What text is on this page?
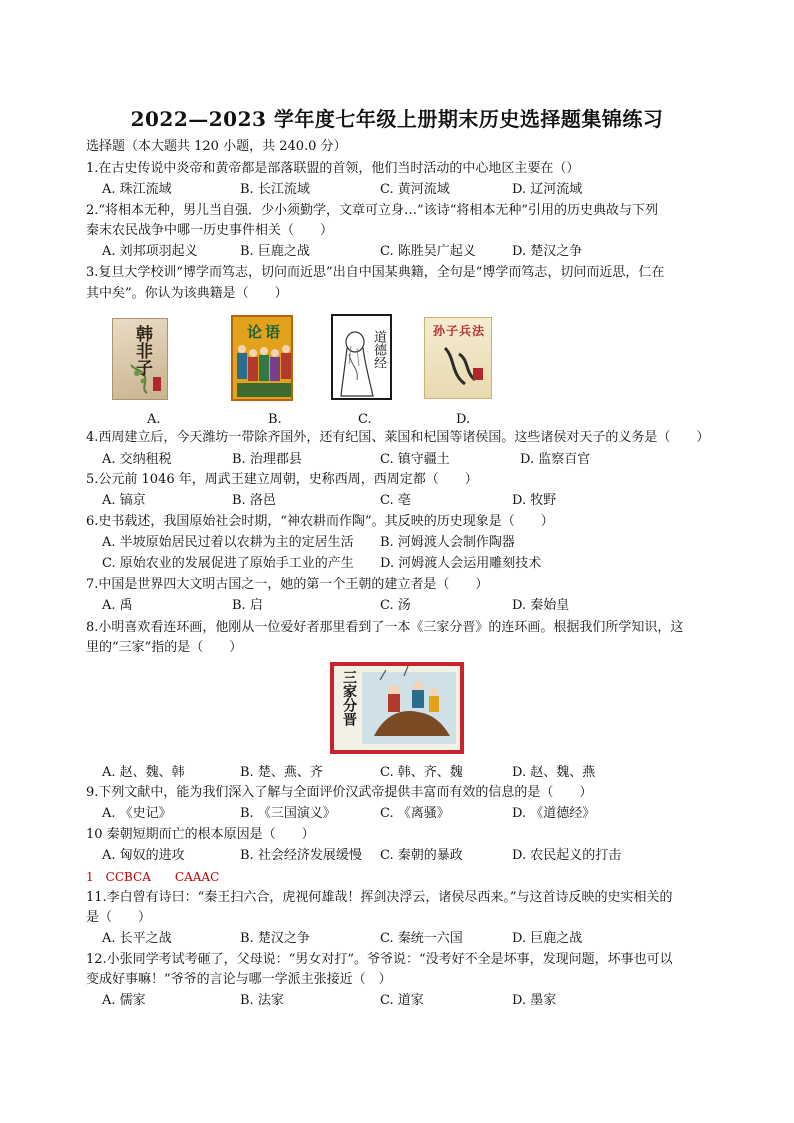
2022—2023 学年度七年级上册期末历史选择题集锦练习
选择题（本大题共 120 小题，共 240.0 分）
1.在古史传说中炎帝和黄帝都是部落联盟的首领，他们当时活动的中心地区主要在（）
A. 珠江流域	B. 长江流域	C. 黄河流域	D. 辽河流域
2.“将相本无种，男儿当自强．少小须勤学，文章可立身…”该诗“将相本无种”引用的历史典故与下列
秦末农民战争中哪一历史事件相关（　　）
A. 刘邦项羽起义	B. 巨鹿之战	C. 陈胜吴广起义	D. 楚汉之争
3.复旦大学校训“博学而笃志，切问而近思”出自中国某典籍，全句是“博学而笃志，切问而近思，仁在
其中矣”。你认为该典籍是（　　）
韩非子	论语	道德经	孙子兵法
A.	B.	C.	D.
4.西周建立后，今天潍坊一带除齐国外，还有纪国、莱国和杞国等诸侯国。这些诸侯对天子的义务是（　　）
A. 交纳租税	B. 治理郡县	C. 镇守疆土	D. 监察百官
5.公元前 1046 年，周武王建立周朝，史称西周，西周定都（　　）
A. 镐京	B. 洛邑	C. 亳	D. 牧野
6.史书载述，我国原始社会时期，“神农耕而作陶”。其反映的历史现象是（　　）
A. 半坡原始居民过着以农耕为主的定居生活 B. 河姆渡人会制作陶器
C. 原始农业的发展促进了原始手工业的产生 D. 河姆渡人会运用雕刻技术
7.中国是世界四大文明古国之一，她的第一个王朝的建立者是（　　）
A. 禹	B. 启	C. 汤	D. 秦始皇
8.小明喜欢看连环画，他刚从一位爱好者那里看到了一本《三家分晋》的连环画。根据我们所学知识，这
里的“三家”指的是（　　）
三家分晋
A. 赵、魏、韩	B. 楚、燕、齐	C. 韩、齐、魏	D. 赵、魏、燕
9.下列文献中，能为我们深入了解与全面评价汉武帝提供丰富而有效的信息的是（　　）
A. 《史记》	B. 《三国演义》	C. 《离骚》	D. 《道德经》
10 秦朝短期而亡的根本原因是（　　）
A. 匈奴的进攻	B. 社会经济发展缓慢 C. 秦朝的暴政	D. 农民起义的打击
1　CCBCA　　CAAAC
11.李白曾有诗曰：“秦王扫六合，虎视何雄哉！挥剑决浮云，诸侯尽西来。”与这首诗反映的史实相关的
是（　　）
A. 长平之战	B. 楚汉之争	C. 秦统一六国	D. 巨鹿之战
12.小张同学考试考砸了，父母说：“男女对打”。爷爷说：“没考好不全是坏事，发现问题，坏事也可以
变成好事嘛！”爷爷的言论与哪一学派主张接近（　）
A. 儒家	B. 法家	C. 道家	D. 墨家
